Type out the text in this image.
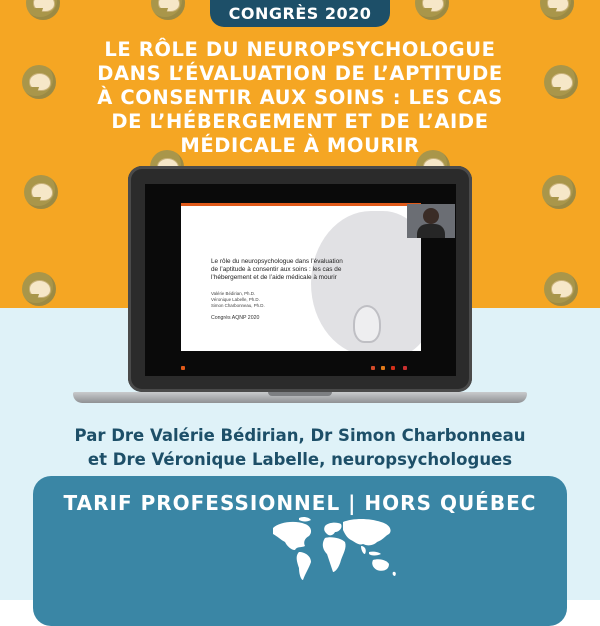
CONGRÈS 2020
LE RÔLE DU NEUROPSYCHOLOGUE
DANS L’ÉVALUATION DE L’APTITUDE
À CONSENTIR AUX SOINS : LES CAS
DE L’HÉBERGEMENT ET DE L’AIDE
MÉDICALE À MOURIR
Le rôle du neuropsychologue dans l’évaluation
de l’aptitude à consentir aux soins : les cas de
l’hébergement et de l’aide médicale à mourir
Valérie Bédirian, Ph.D.
Véronique Labelle, Ph.D.
Simon Charbonneau, Ph.D.
Congrès AQNP 2020
Par Dre Valérie Bédirian, Dr Simon Charbonneau
et Dre Véronique Labelle, neuropsychologues
TARIF PROFESSIONNEL | HORS QUÉBEC
